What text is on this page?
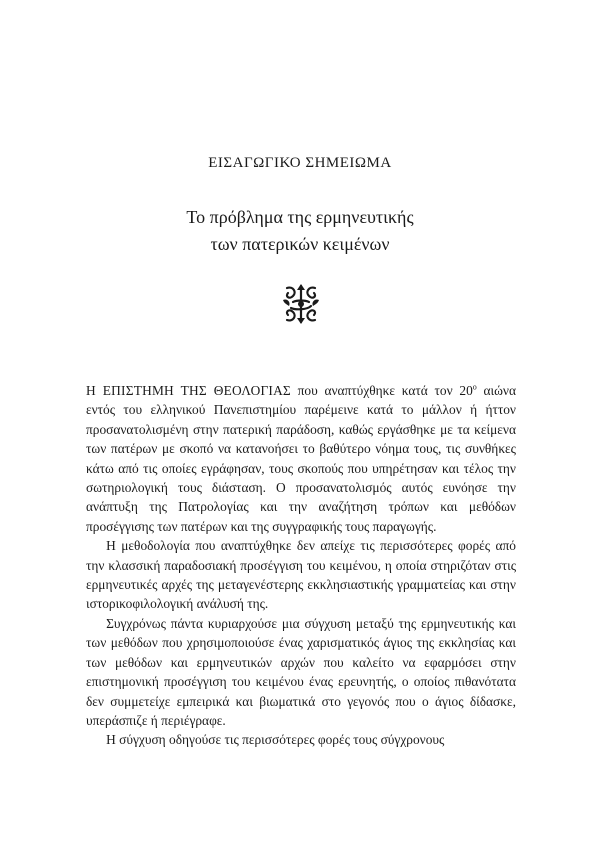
ΕΙΣΑΓΩΓΙΚΟ ΣΗΜΕΙΩΜΑ
Το πρόβλημα της ερμηνευτικής
των πατερικών κειμένων

Η ΕΠΙΣΤΗΜΗ ΤΗΣ ΘΕΟΛΟΓΙΑΣ που αναπτύχθηκε κατά τον $20^o$ αιώνα εντός του ελληνικού Πανεπιστημίου παρέμεινε κατά το μάλλον ή ήττον προσανατολισμένη στην πατερική παράδοση, καθώς εργάσθηκε με τα κείμενα των πατέρων με σκοπό να κατανοήσει το βαθύτερο νόημα τους, τις συνθήκες κάτω από τις οποίες εγράφησαν, τους σκοπούς που υπηρέτησαν και τέλος την σωτηριολογική τους διάσταση. Ο προσανατολισμός αυτός ευνόησε την ανάπτυξη της Πατρολογίας και την αναζήτηση τρόπων και μεθόδων προσέγγισης των πατέρων και της συγγραφικής τους παραγωγής.

Η μεθοδολογία που αναπτύχθηκε δεν απείχε τις περισσότερες φορές από την κλασσική παραδοσιακή προσέγγιση του κειμένου, η οποία στηριζόταν στις ερμηνευτικές αρχές της μεταγενέστερης εκκλησιαστικής γραμματείας και στην ιστορικοφιλολογική ανάλυσή της.

Συγχρόνως πάντα κυριαρχούσε μια σύγχυση μεταξύ της ερμηνευτικής και των μεθόδων που χρησιμοποιούσε ένας χαρισματικός άγιος της εκκλησίας και των μεθόδων και ερμηνευτικών αρχών που καλείτο να εφαρμόσει στην επιστημονική προσέγγιση του κειμένου ένας ερευνητής, ο οποίος πιθανότατα δεν συμμετείχε εμπειρικά και βιωματικά στο γεγονός που ο άγιος δίδασκε, υπεράσπιζε ή περιέγραφε.

Η σύγχυση οδηγούσε τις περισσότερες φορές τους σύγχρονους
